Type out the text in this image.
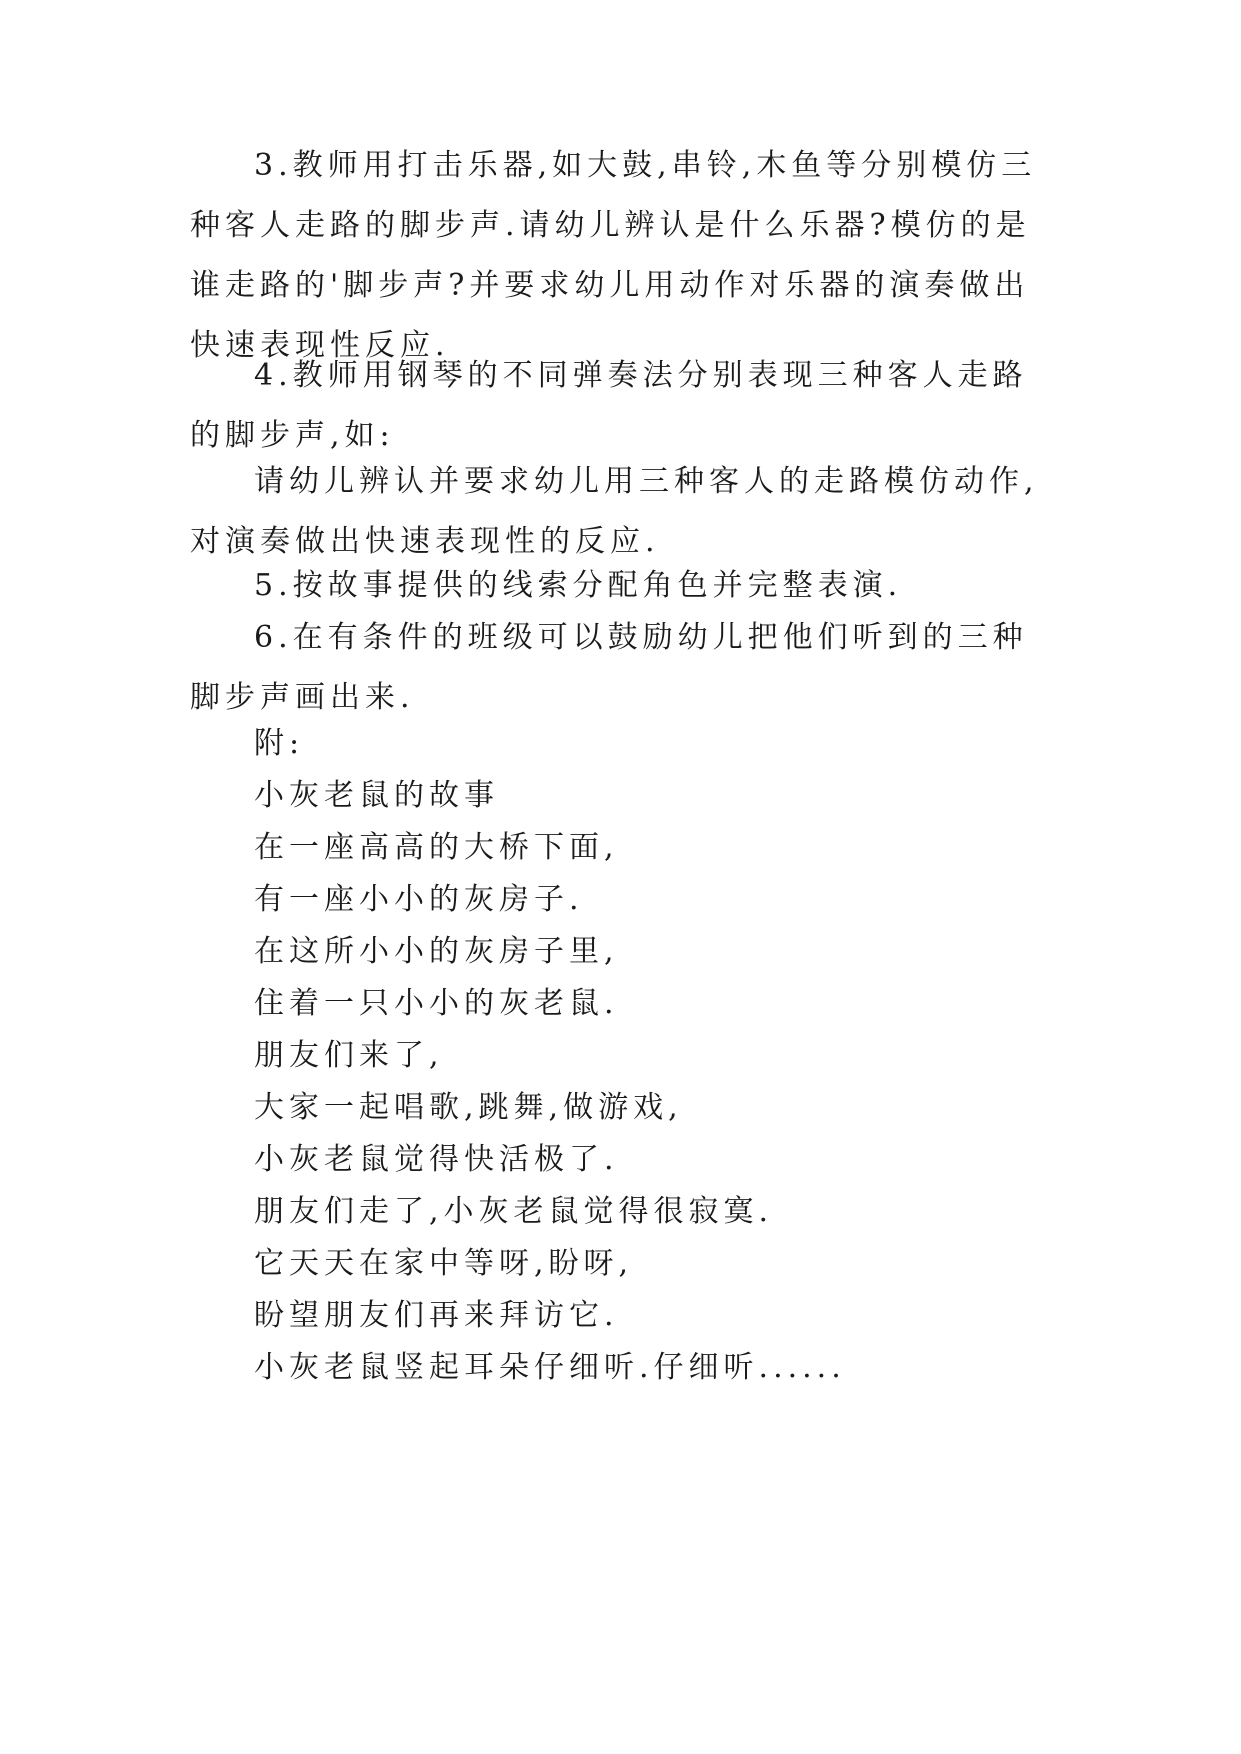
3.教师用打击乐器,如大鼓,串铃,木鱼等分别模仿三种客人走路的脚步声.请幼儿辨认是什么乐器?模仿的是谁走路的'脚步声?并要求幼儿用动作对乐器的演奏做出快速表现性反应.

4.教师用钢琴的不同弹奏法分别表现三种客人走路的脚步声,如:

请幼儿辨认并要求幼儿用三种客人的走路模仿动作,对演奏做出快速表现性的反应.

5.按故事提供的线索分配角色并完整表演.

6.在有条件的班级可以鼓励幼儿把他们听到的三种脚步声画出来.

附:

小灰老鼠的故事

在一座高高的大桥下面,

有一座小小的灰房子.

在这所小小的灰房子里,

住着一只小小的灰老鼠.

朋友们来了,

大家一起唱歌,跳舞,做游戏,

小灰老鼠觉得快活极了.

朋友们走了,小灰老鼠觉得很寂寞.

它天天在家中等呀,盼呀,

盼望朋友们再来拜访它.

小灰老鼠竖起耳朵仔细听.仔细听......
